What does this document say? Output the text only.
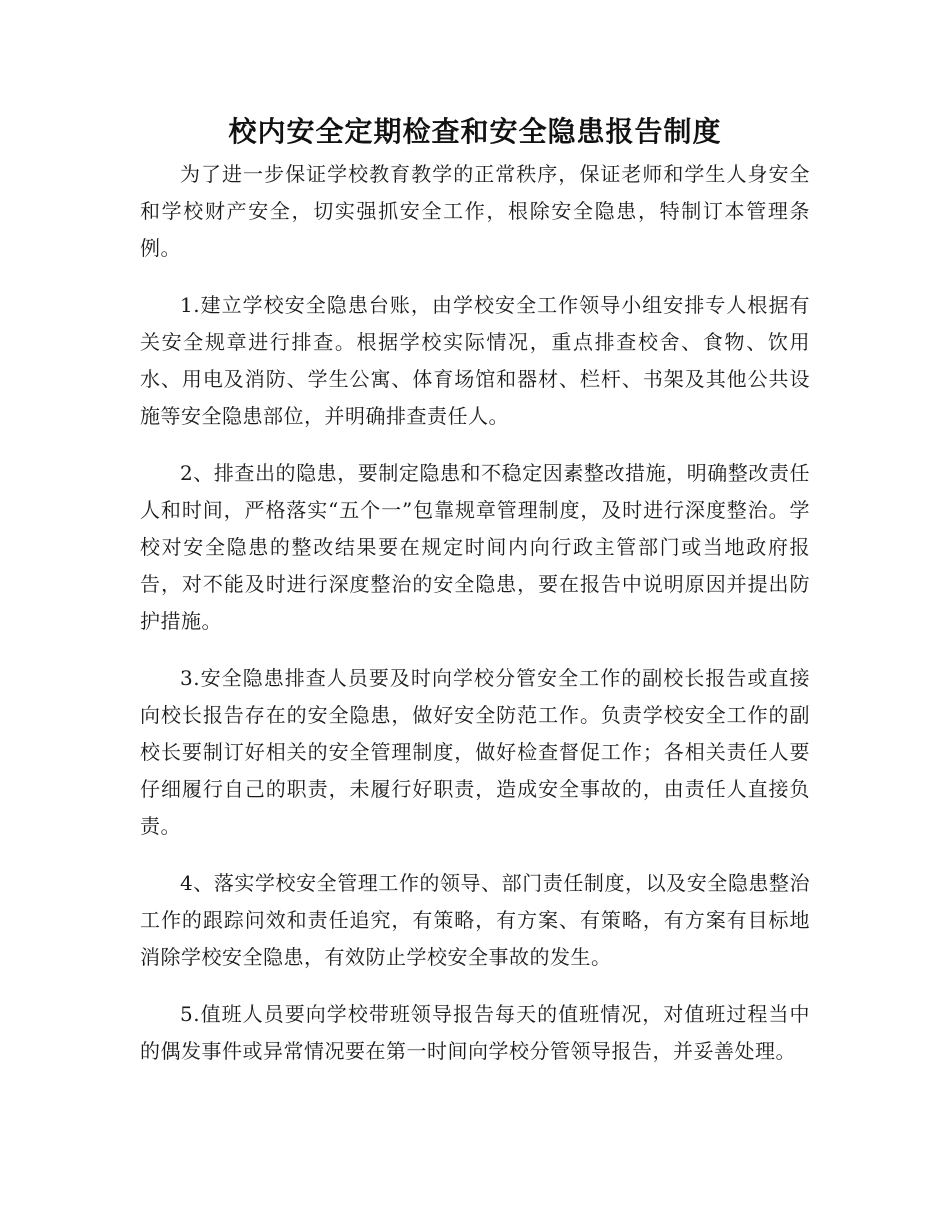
校内安全定期检查和安全隐患报告制度

为了进一步保证学校教育教学的正常秩序，保证老师和学生人身安全和学校财产安全，切实强抓安全工作，根除安全隐患，特制订本管理条例。

1.建立学校安全隐患台账，由学校安全工作领导小组安排专人根据有关安全规章进行排查。根据学校实际情况，重点排查校舍、食物、饮用水、用电及消防、学生公寓、体育场馆和器材、栏杆、书架及其他公共设施等安全隐患部位，并明确排查责任人。

2、排查出的隐患，要制定隐患和不稳定因素整改措施，明确整改责任人和时间，严格落实“五个一”包靠规章管理制度，及时进行深度整治。学校对安全隐患的整改结果要在规定时间内向行政主管部门或当地政府报告，对不能及时进行深度整治的安全隐患，要在报告中说明原因并提出防护措施。

3.安全隐患排查人员要及时向学校分管安全工作的副校长报告或直接向校长报告存在的安全隐患，做好安全防范工作。负责学校安全工作的副校长要制订好相关的安全管理制度，做好检查督促工作；各相关责任人要仔细履行自己的职责，未履行好职责，造成安全事故的，由责任人直接负责。

4、落实学校安全管理工作的领导、部门责任制度，以及安全隐患整治工作的跟踪问效和责任追究，有策略，有方案、有策略，有方案有目标地消除学校安全隐患，有效防止学校安全事故的发生。

5.值班人员要向学校带班领导报告每天的值班情况，对值班过程当中的偶发事件或异常情况要在第一时间向学校分管领导报告，并妥善处理。
